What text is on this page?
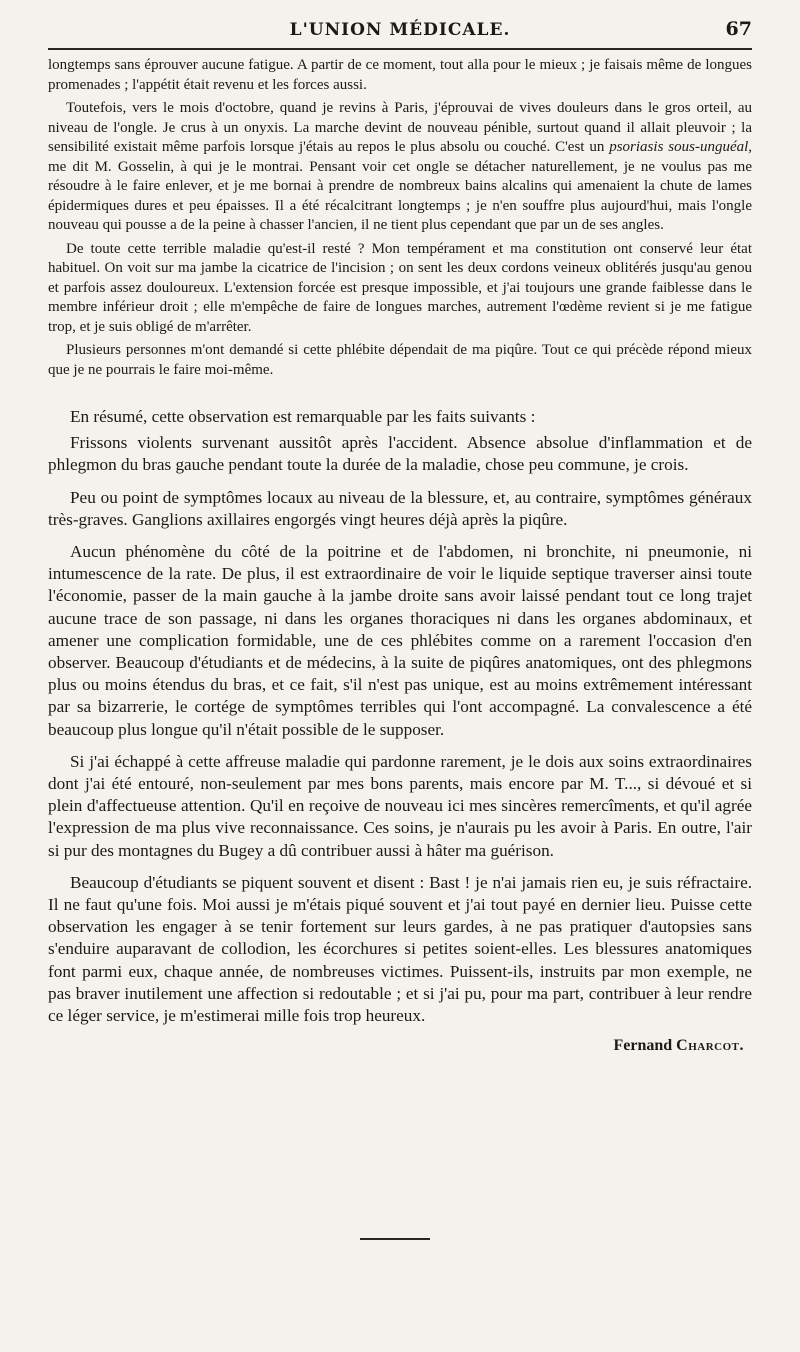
L'UNION MÉDICALE.	67

longtemps sans éprouver aucune fatigue. A partir de ce moment, tout alla pour le mieux ; je faisais même de longues promenades ; l'appétit était revenu et les forces aussi.

Toutefois, vers le mois d'octobre, quand je revins à Paris, j'éprouvai de vives douleurs dans le gros orteil, au niveau de l'ongle. Je crus à un onyxis. La marche devint de nouveau pénible, surtout quand il allait pleuvoir ; la sensibilité existait même parfois lorsque j'étais au repos le plus absolu ou couché. C'est un psoriasis sous-unguéal, me dit M. Gosselin, à qui je le montrai. Pensant voir cet ongle se détacher naturellement, je ne voulus pas me résoudre à le faire enlever, et je me bornai à prendre de nombreux bains alcalins qui amenaient la chute de lames épidermiques dures et peu épaisses. Il a été récalcitrant longtemps ; je n'en souffre plus aujourd'hui, mais l'ongle nouveau qui pousse a de la peine à chasser l'ancien, il ne tient plus cependant que par un de ses angles.

De toute cette terrible maladie qu'est-il resté ? Mon tempérament et ma constitution ont conservé leur état habituel. On voit sur ma jambe la cicatrice de l'incision ; on sent les deux cordons veineux oblitérés jusqu'au genou et parfois assez douloureux. L'extension forcée est presque impossible, et j'ai toujours une grande faiblesse dans le membre inférieur droit ; elle m'empêche de faire de longues marches, autrement l'œdème revient si je me fatigue trop, et je suis obligé de m'arrêter.

Plusieurs personnes m'ont demandé si cette phlébite dépendait de ma piqûre. Tout ce qui précède répond mieux que je ne pourrais le faire moi-même.

En résumé, cette observation est remarquable par les faits suivants :

Frissons violents survenant aussitôt après l'accident. Absence absolue d'inflammation et de phlegmon du bras gauche pendant toute la durée de la maladie, chose peu commune, je crois.

Peu ou point de symptômes locaux au niveau de la blessure, et, au contraire, symptômes généraux très-graves. Ganglions axillaires engorgés vingt heures déjà après la piqûre.

Aucun phénomène du côté de la poitrine et de l'abdomen, ni bronchite, ni pneumonie, ni intumescence de la rate. De plus, il est extraordinaire de voir le liquide septique traverser ainsi toute l'économie, passer de la main gauche à la jambe droite sans avoir laissé pendant tout ce long trajet aucune trace de son passage, ni dans les organes thoraciques ni dans les organes abdominaux, et amener une complication formidable, une de ces phlébites comme on a rarement l'occasion d'en observer. Beaucoup d'étudiants et de médecins, à la suite de piqûres anatomiques, ont des phlegmons plus ou moins étendus du bras, et ce fait, s'il n'est pas unique, est au moins extrêmement intéressant par sa bizarrerie, le cortége de symptômes terribles qui l'ont accompagné. La convalescence a été beaucoup plus longue qu'il n'était possible de le supposer.

Si j'ai échappé à cette affreuse maladie qui pardonne rarement, je le dois aux soins extraordinaires dont j'ai été entouré, non-seulement par mes bons parents, mais encore par M. T..., si dévoué et si plein d'affectueuse attention. Qu'il en reçoive de nouveau ici mes sincères remercîments, et qu'il agrée l'expression de ma plus vive reconnaissance. Ces soins, je n'aurais pu les avoir à Paris. En outre, l'air si pur des montagnes du Bugey a dû contribuer aussi à hâter ma guérison.

Beaucoup d'étudiants se piquent souvent et disent : Bast ! je n'ai jamais rien eu, je suis réfractaire. Il ne faut qu'une fois. Moi aussi je m'étais piqué souvent et j'ai tout payé en dernier lieu. Puisse cette observation les engager à se tenir fortement sur leurs gardes, à ne pas pratiquer d'autopsies sans s'enduire auparavant de collodion, les écorchures si petites soient-elles. Les blessures anatomiques font parmi eux, chaque année, de nombreuses victimes. Puissent-ils, instruits par mon exemple, ne pas braver inutilement une affection si redoutable ; et si j'ai pu, pour ma part, contribuer à leur rendre ce léger service, je m'estimerai mille fois trop heureux.

Fernand Charcot.
